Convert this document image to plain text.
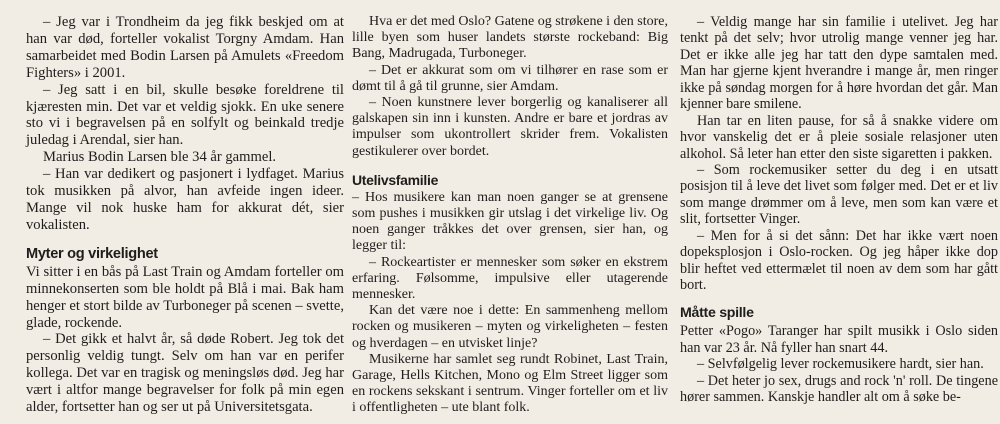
– Jeg var i Trondheim da jeg fikk beskjed om at han var død, forteller vokalist Torgny Amdam. Han samarbeidet med Bodin Larsen på Amulets «Freedom Fighters» i 2001.

– Jeg satt i en bil, skulle besøke foreldrene til kjæresten min. Det var et veldig sjokk. En uke senere sto vi i begravelsen på en solfylt og beinkald tredje juledag i Arendal, sier han.

Marius Bodin Larsen ble 34 år gammel.

– Han var dedikert og pasjonert i lydfaget. Marius tok musikken på alvor, han avfeide ingen ideer. Mange vil nok huske ham for akkurat dét, sier vokalisten.

Myter og virkelighet

Vi sitter i en bås på Last Train og Amdam forteller om minnekonserten som ble holdt på Blå i mai. Bak ham henger et stort bilde av Turboneger på scenen – svette, glade, rockende.

– Det gikk et halvt år, så døde Robert. Jeg tok det personlig veldig tungt. Selv om han var en perifer kollega. Det var en tragisk og meningsløs død. Jeg har vært i altfor mange begravelser for folk på min egen alder, fortsetter han og ser ut på Universitetsgata.

Hva er det med Oslo? Gatene og strøkene i den store, lille byen som huser landets største rockeband: Big Bang, Madrugada, Turboneger.

– Det er akkurat som om vi tilhører en rase som er dømt til å gå til grunne, sier Amdam.

– Noen kunstnere lever borgerlig og kanaliserer all galskapen sin inn i kunsten. Andre er bare et jordras av impulser som ukontrollert skrider frem. Vokalisten gestikulerer over bordet.

Utelivsfamilie

– Hos musikere kan man noen ganger se at grensene som pushes i musikken gir utslag i det virkelige liv. Og noen ganger tråkkes det over grensen, sier han, og legger til:

– Rockeartister er mennesker som søker en ekstrem erfaring. Følsomme, impulsive eller utagerende mennesker.

Kan det være noe i dette: En sammenheng mellom rocken og musikeren – myten og virkeligheten – festen og hverdagen – en utvisket linje?

Musikerne har samlet seg rundt Robinet, Last Train, Garage, Hells Kitchen, Mono og Elm Street ligger som en rockens sekskant i sentrum. Vinger forteller om et liv i offentligheten – ute blant folk.

– Veldig mange har sin familie i utelivet. Jeg har tenkt på det selv; hvor utrolig mange venner jeg har. Det er ikke alle jeg har tatt den dype samtalen med. Man har gjerne kjent hverandre i mange år, men ringer ikke på søndag morgen for å høre hvordan det går. Man kjenner bare smilene.

Han tar en liten pause, for så å snakke videre om hvor vanskelig det er å pleie sosiale relasjoner uten alkohol. Så leter han etter den siste sigaretten i pakken.

– Som rockemusiker setter du deg i en utsatt posisjon til å leve det livet som følger med. Det er et liv som mange drømmer om å leve, men som kan være et slit, fortsetter Vinger.

– Men for å si det sånn: Det har ikke vært noen dopeksplosjon i Oslo-rocken. Og jeg håper ikke dop blir heftet ved ettermælet til noen av dem som har gått bort.

Måtte spille

Petter «Pogo» Taranger har spilt musikk i Oslo siden han var 23 år. Nå fyller han snart 44.

– Selvfølgelig lever rockemusikere hardt, sier han.

– Det heter jo sex, drugs and rock 'n' roll. De tingene hører sammen. Kanskje handler alt om å søke be-
